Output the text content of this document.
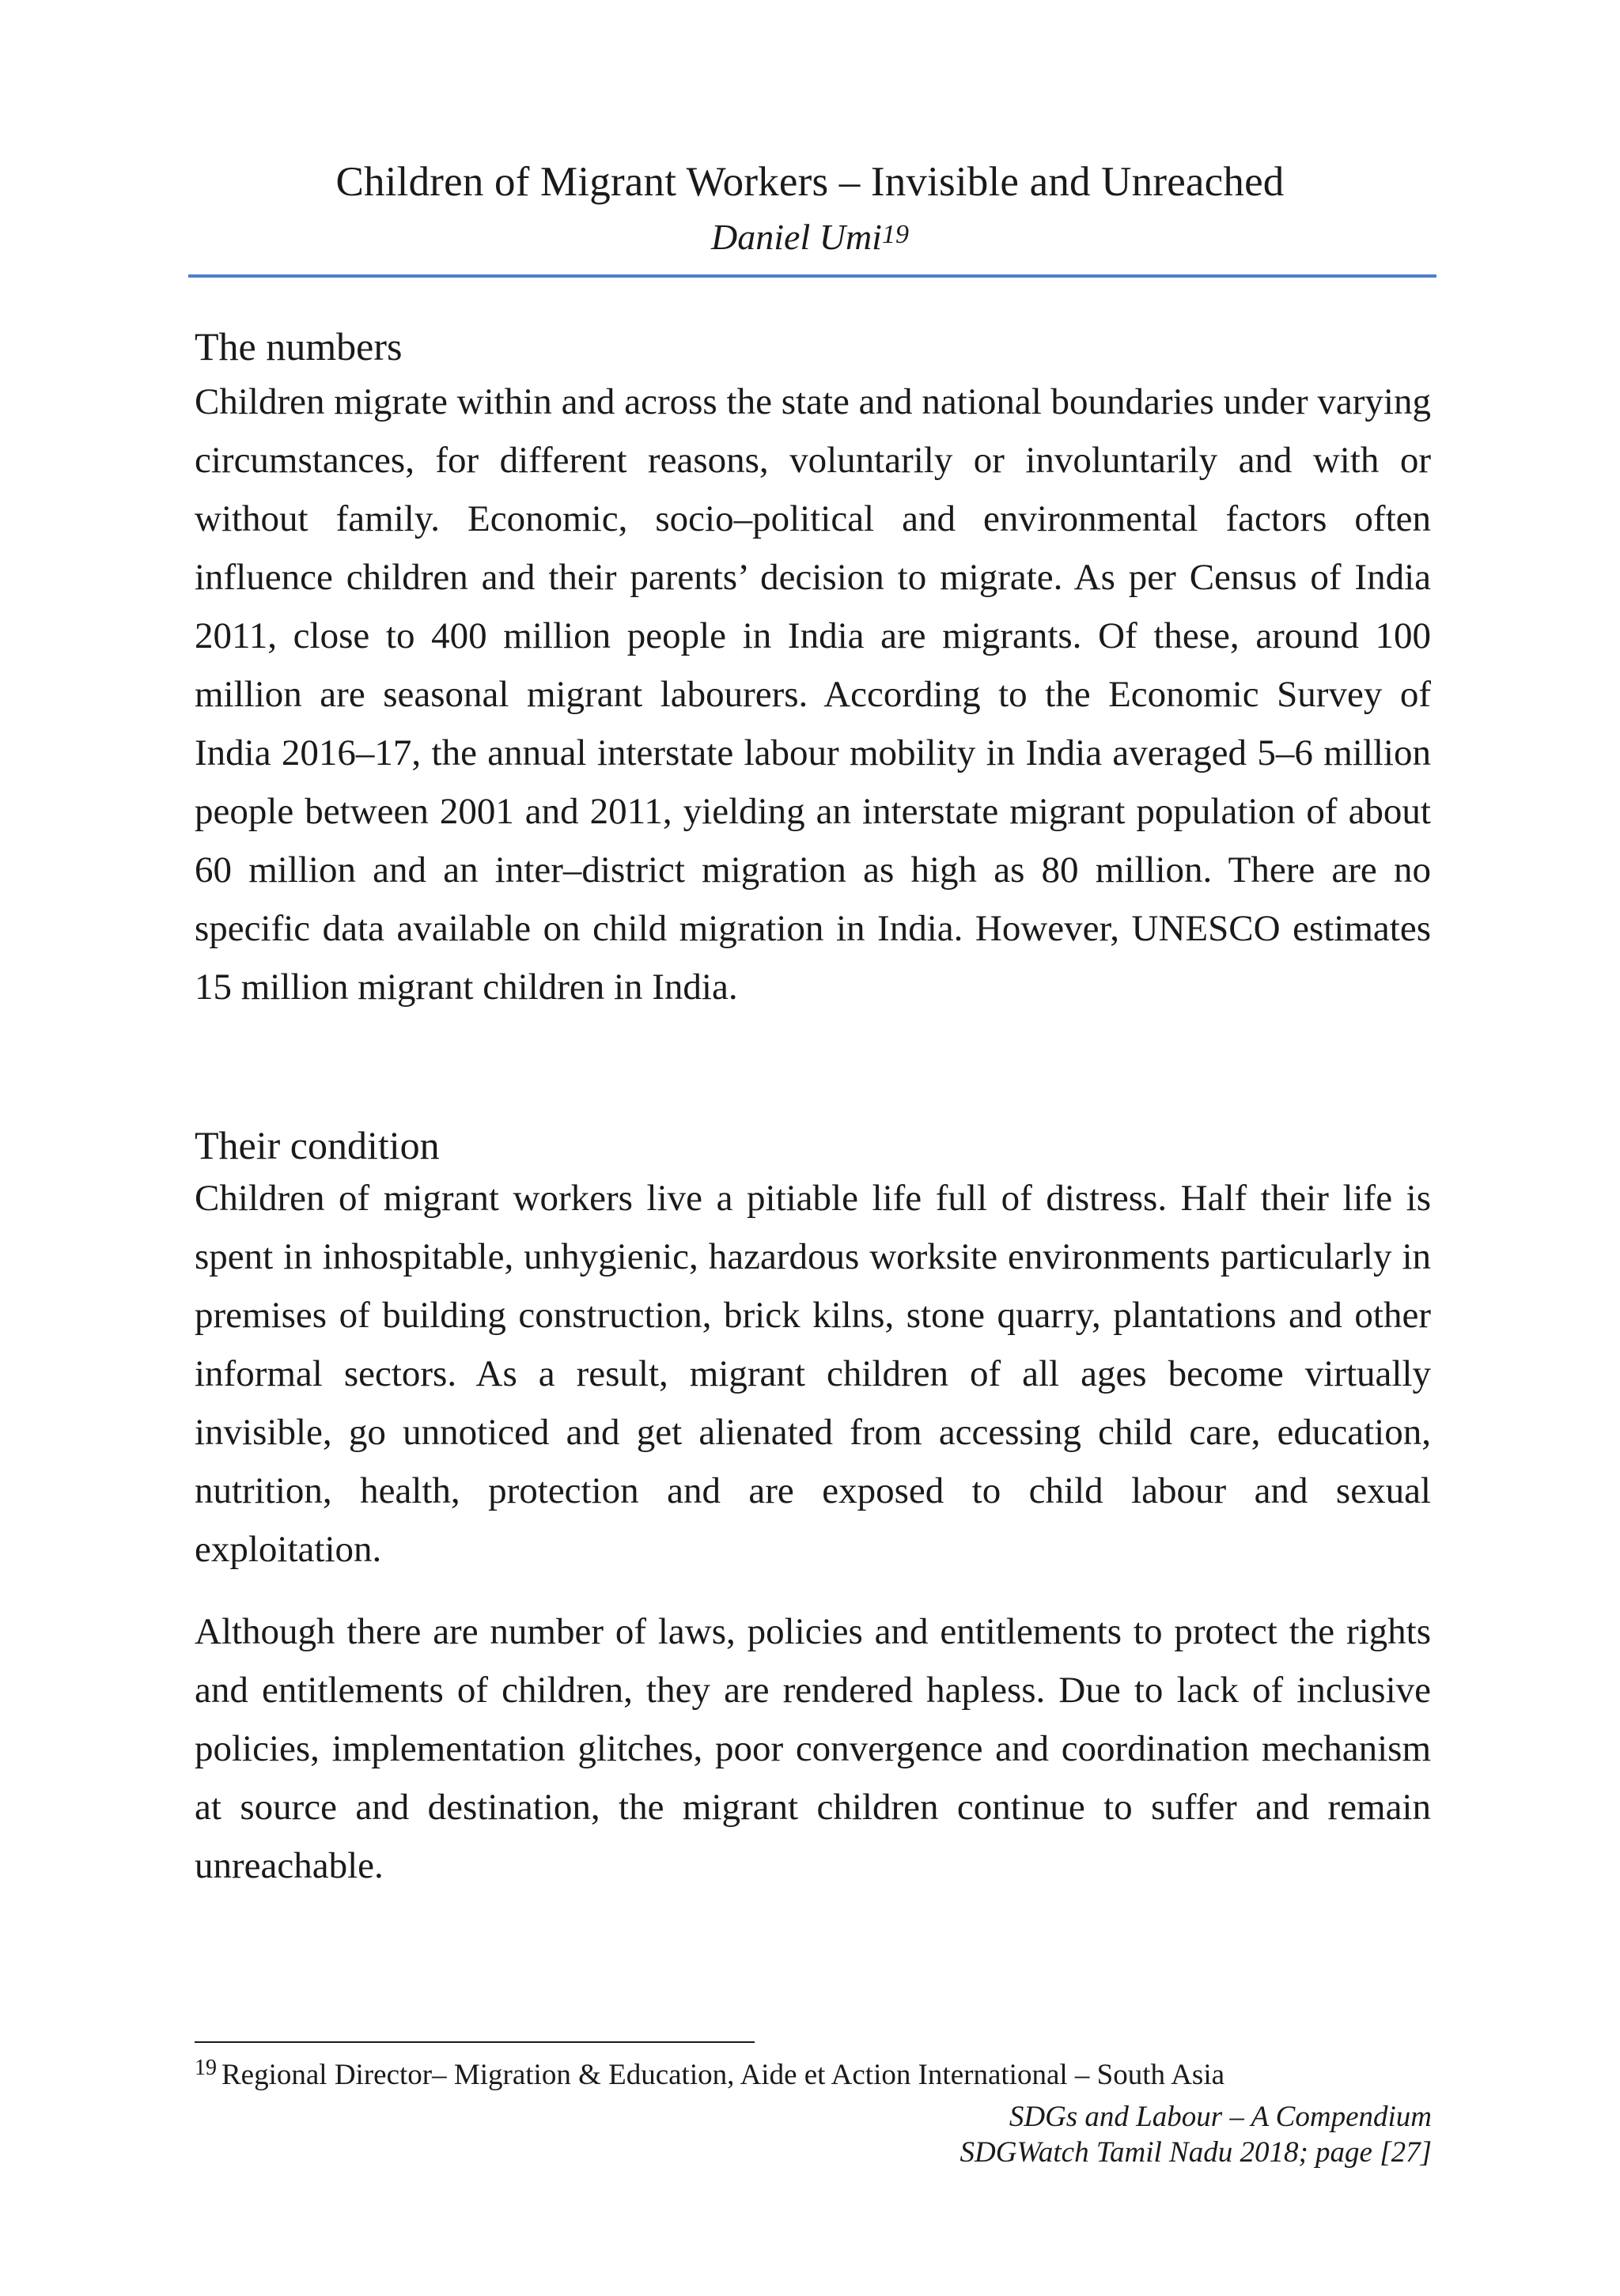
Children of Migrant Workers – Invisible and Unreached
Daniel Umi$^{19}$
The numbers
Children migrate within and across the state and national boundaries under varying circumstances, for different reasons, voluntarily or involuntarily and with or without family. Economic, socio–political and environmental factors often influence children and their parents’ decision to migrate. As per Census of India 2011, close to 400 million people in India are migrants. Of these, around 100 million are seasonal migrant labourers. According to the Economic Survey of India 2016–17, the annual interstate labour mobility in India averaged 5–6 million people between 2001 and 2011, yielding an interstate migrant population of about 60 million and an inter–district migration as high as 80 million. There are no specific data available on child migration in India. However, UNESCO estimates 15 million migrant children in India.
Their condition
Children of migrant workers live a pitiable life full of distress. Half their life is spent in inhospitable, unhygienic, hazardous worksite environments particularly in premises of building construction, brick kilns, stone quarry, plantations and other informal sectors. As a result, migrant children of all ages become virtually invisible, go unnoticed and get alienated from accessing child care, education, nutrition, health, protection and are exposed to child labour and sexual exploitation.
Although there are number of laws, policies and entitlements to protect the rights and entitlements of children, they are rendered hapless. Due to lack of inclusive policies, implementation glitches, poor convergence and coordination mechanism at source and destination, the migrant children continue to suffer and remain unreachable.
$^{19}$ Regional Director– Migration & Education, Aide et Action International – South Asia
SDGs and Labour – A Compendium
SDGWatch Tamil Nadu 2018; page [27]
